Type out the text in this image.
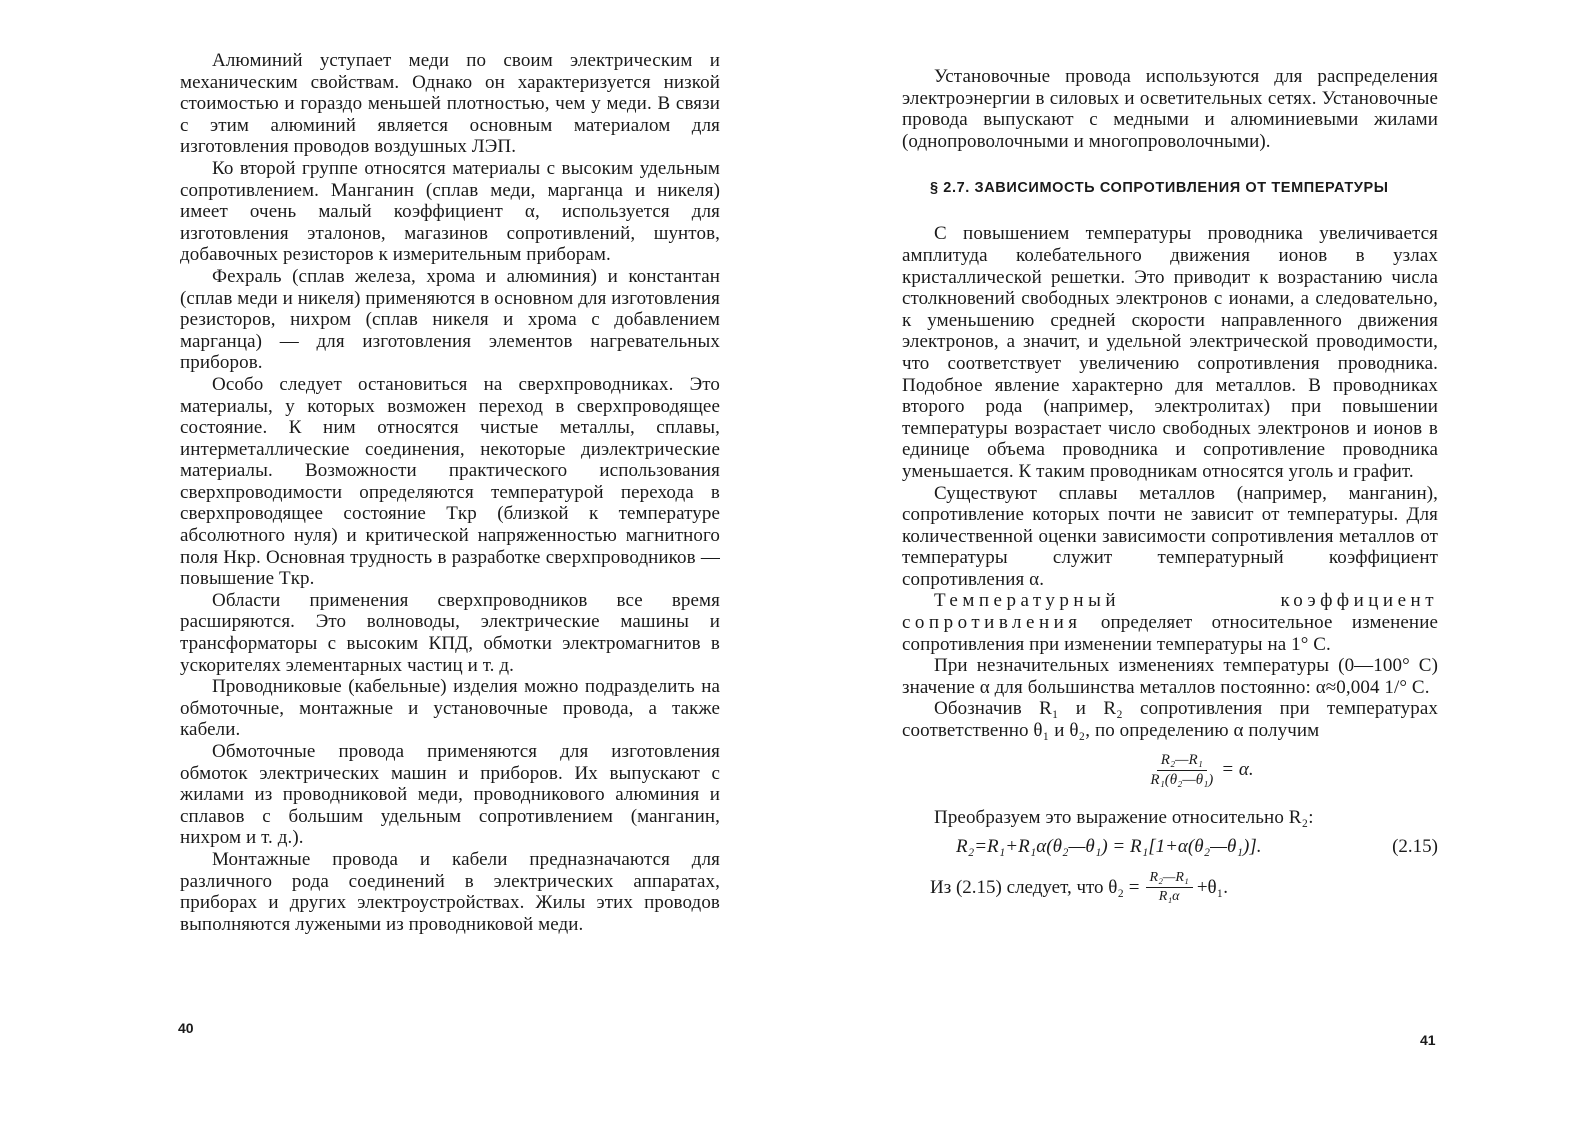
Алюминий уступает меди по своим электрическим и механическим свойствам. Однако он характеризуется низкой стоимостью и гораздо меньшей плотностью, чем у меди. В связи с этим алюминий является основным материалом для изготовления проводов воздушных ЛЭП.

Ко второй группе относятся материалы с высоким удельным сопротивлением. Манганин (сплав меди, марганца и никеля) имеет очень малый коэффициент α, используется для изготовления эталонов, магазинов сопротивлений, шунтов, добавочных резисторов к измерительным приборам.

Фехраль (сплав железа, хрома и алюминия) и константан (сплав меди и никеля) применяются в основном для изготовления резисторов, нихром (сплав никеля и хрома с добавлением марганца) — для изготовления элементов нагревательных приборов.

Особо следует остановиться на сверхпроводниках. Это материалы, у которых возможен переход в сверхпроводящее состояние. К ним относятся чистые металлы, сплавы, интерметаллические соединения, некоторые диэлектрические материалы. Возможности практического использования сверхпроводимости определяются температурой перехода в сверхпроводящее состояние Tкр (близкой к температуре абсолютного нуля) и критической напряженностью магнитного поля Hкр. Основная трудность в разработке сверхпроводников — повышение Tкр.

Области применения сверхпроводников все время расширяются. Это волноводы, электрические машины и трансформаторы с высоким КПД, обмотки электромагнитов в ускорителях элементарных частиц и т. д.

Проводниковые (кабельные) изделия можно подразделить на обмоточные, монтажные и установочные провода, а также кабели.

Обмоточные провода применяются для изготовления обмоток электрических машин и приборов. Их выпускают с жилами из проводниковой меди, проводникового алюминия и сплавов с большим удельным сопротивлением (манганин, нихром и т. д.).

Монтажные провода и кабели предназначаются для различного рода соединений в электрических аппаратах, приборах и других электроустройствах. Жилы этих проводов выполняются лужеными из проводниковой меди.

40

Установочные провода используются для распределения электроэнергии в силовых и осветительных сетях. Установочные провода выпускают с медными и алюминиевыми жилами (однопроволочными и многопроволочными).

§ 2.7. ЗАВИСИМОСТЬ СОПРОТИВЛЕНИЯ ОТ ТЕМПЕРАТУРЫ

С повышением температуры проводника увеличивается амплитуда колебательного движения ионов в узлах кристаллической решетки. Это приводит к возрастанию числа столкновений свободных электронов с ионами, а следовательно, к уменьшению средней скорости направленного движения электронов, а значит, и удельной электрической проводимости, что соответствует увеличению сопротивления проводника. Подобное явление характерно для металлов. В проводниках второго рода (например, электролитах) при повышении температуры возрастает число свободных электронов и ионов в единице объема проводника и сопротивление проводника уменьшается. К таким проводникам относятся уголь и графит.

Существуют сплавы металлов (например, манганин), сопротивление которых почти не зависит от температуры. Для количественной оценки зависимости сопротивления металлов от температуры служит температурный коэффициент сопротивления α.

Температурный коэффициент сопротивления определяет относительное изменение сопротивления при изменении температуры на 1° С.

При незначительных изменениях температуры (0—100° С) значение α для большинства металлов постоянно: α≈0,004 1/° С.

Обозначив R₁ и R₂ сопротивления при температурах соответственно θ₁ и θ₂, по определению α получим

$\frac{\text{R₂—R₁}}{\text{R₁(θ₂—θ₁)}} = \alpha$.

Преобразуем это выражение относительно R₂:

R₂=R₁+R₁α(θ₂—θ₁) = R₁[1+α(θ₂—θ₁)].	(2.15)
Из (2.15) следует, что $\theta_2 = \frac{\text{R₂—R₁}}{\text{R₁α}} +\theta_1$.
41
